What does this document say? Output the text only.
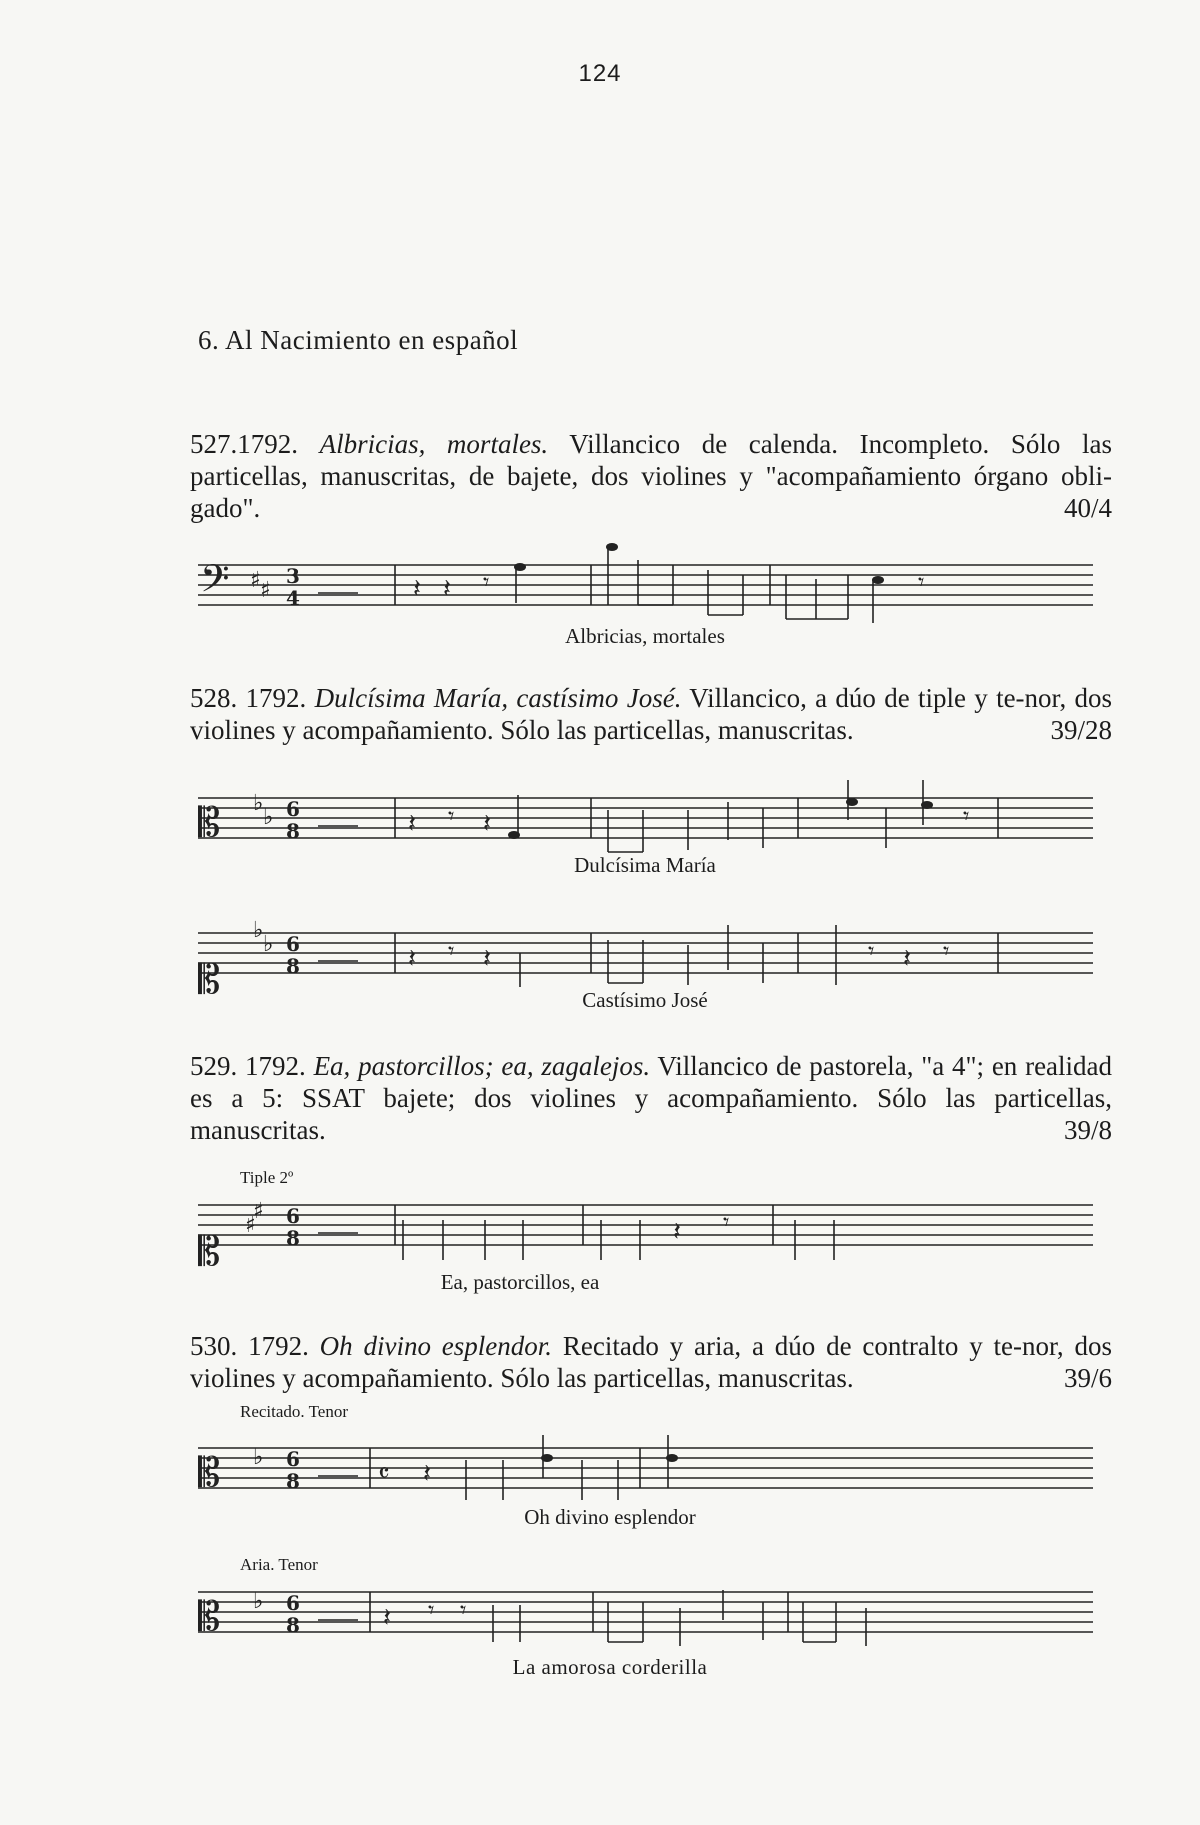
124
6. Al Nacimiento en español
527.1792. Albricias, mortales. Villancico de calenda. Incompleto. Sólo las particellas, manuscritas, de bajete, dos violines y "acompañamiento órgano obli-gado".	40/4
𝄢 ♯ ♯
3
4	𝄽 𝄽 𝄾	𝄾
Albricias, mortales
528. 1792. Dulcísima María, castísimo José. Villancico, a dúo de tiple y te-nor, dos violines y acompañamiento. Sólo las particellas, manuscritas.	39/28
𝄡 ♭
♭ 6
8	𝄽 𝄾 𝄽	𝄾
Dulcísima María
𝄡
♭
♭ 6
8	𝄽 𝄾 𝄽	𝄾 𝄽 𝄾
Castísimo José
529. 1792. Ea, pastorcillos; ea, zagalejos. Villancico de pastorela, "a 4"; en realidad es a 5: SSAT bajete; dos violines y acompañamiento. Sólo las particellas, manuscritas.	39/8
Tiple 2º
𝄡
♯
♯ 6
8	𝄽 𝄾
Ea, pastorcillos, ea
530. 1792. Oh divino esplendor. Recitado y aria, a dúo de contralto y te-nor, dos violines y acompañamiento. Sólo las particellas, manuscritas.	39/6
Recitado. Tenor
𝄡 ♭ 6
8	𝄴 𝄽
Oh divino esplendor
Aria. Tenor
𝄡 ♭ 6
8	𝄽 𝄾 𝄾
La amorosa corderilla
